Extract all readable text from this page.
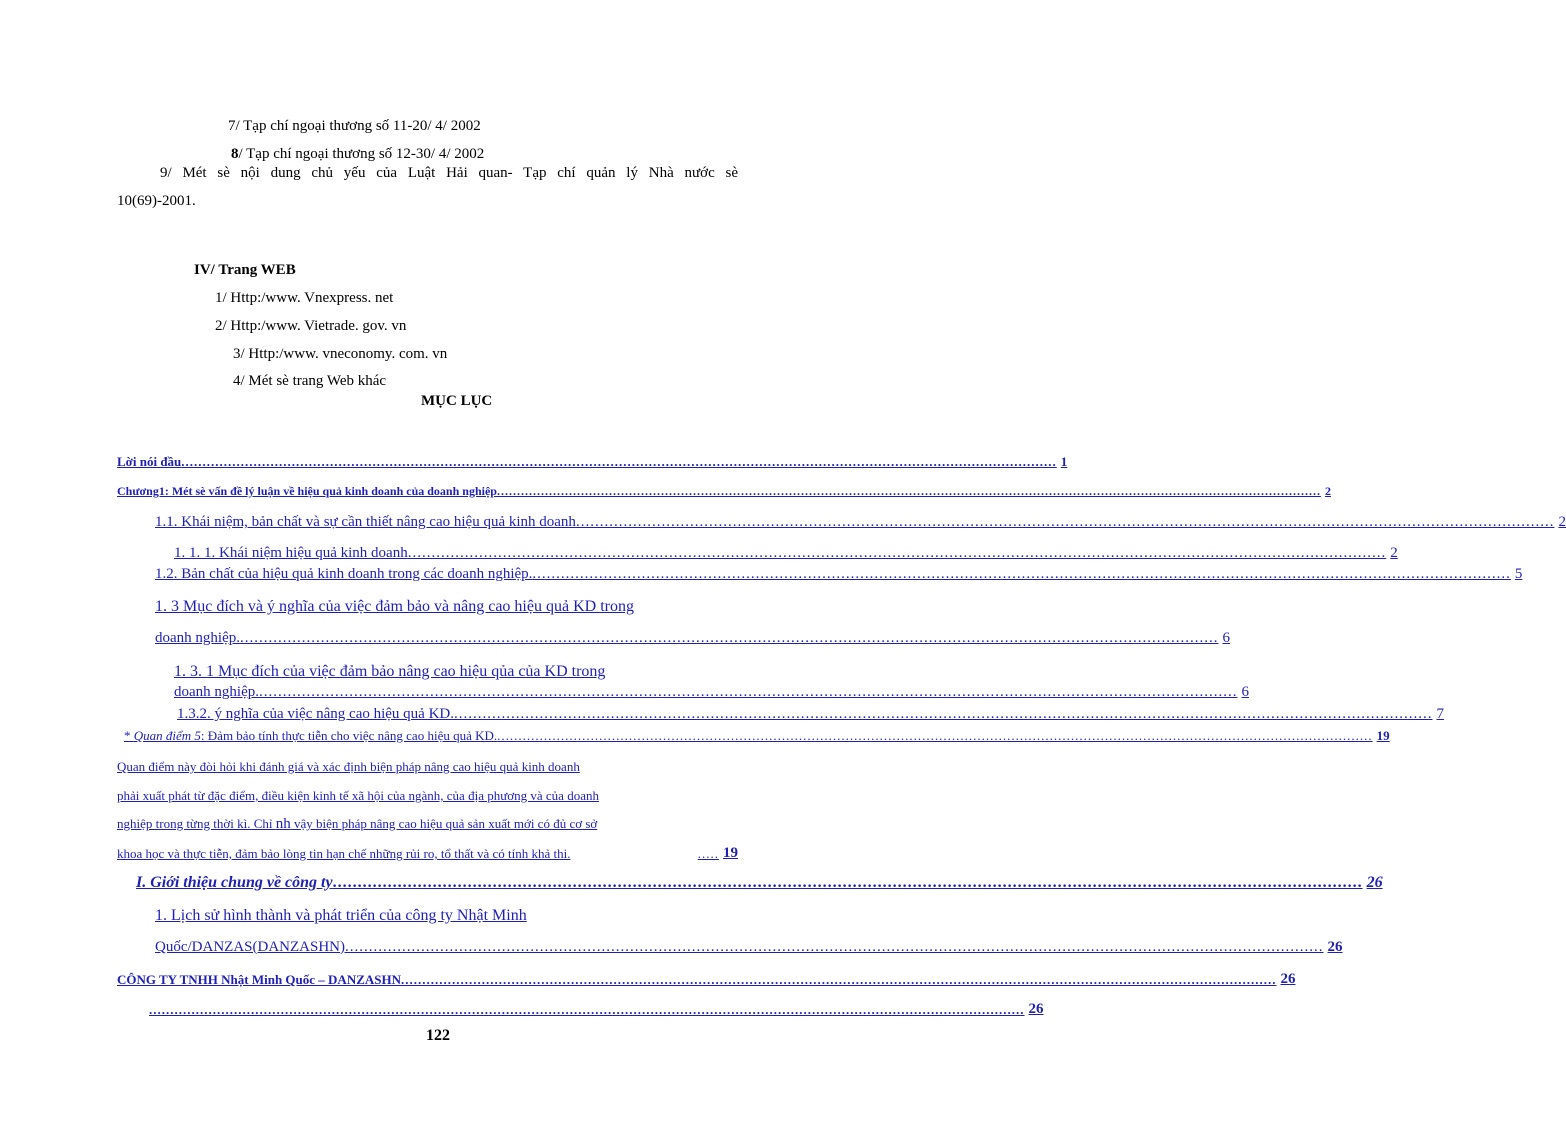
7/ Tạp chí ngoại thương số 11-20/ 4/ 2002
8/ Tạp chí ngoại thương số 12-30/ 4/ 2002
9/ Mét sè nội dung chủ yếu của Luật Hải quan- Tạp chí quản lý Nhà nước sè
10(69)-2001.
IV/ Trang WEB
1/ Http:/www. Vnexpress. net
2/ Http:/www. Vietrade. gov. vn
3/ Http:/www. vneconomy. com. vn
4/ Mét sè trang Web khác
MỤC LỤC
Lời nói đầu .............................................................................................................................................................................................................. 1
Chương1: Mét sè vấn đề lý luận về hiệu quả kinh doanh của doanh nghiệp .............................................................................................................................................................................................................. 2
1.1. Khái niệm, bản chất và sự cần thiết nâng cao hiệu quả kinh doanh .............................................................................................................................................................................................................. 2
1. 1. 1. Khái niệm hiệu quả kinh doanh .............................................................................................................................................................................................................. 2
1.2. Bản chất của hiệu quả kinh doanh trong các doanh nghiệp. .............................................................................................................................................................................................................. 5
1. 3 Mục đích và ý nghĩa của việc đảm bảo và nâng cao hiệu quả KD trong
doanh nghiệp. .............................................................................................................................................................................................................. 6
1. 3. 1 Mục đích của việc đảm bảo nâng cao hiệu qủa của KD trong
doanh nghiệp. .............................................................................................................................................................................................................. 6
1.3.2. ý nghĩa của việc nâng cao hiệu quả KD. .............................................................................................................................................................................................................. 7
* Quan điểm 5: Đảm bảo tính thực tiễn cho việc nâng cao hiệu quả KD. .............................................................................................................................................................................................................. 19
Quan điểm này đòi hỏi khi đánh giá và xác định biện pháp nâng cao hiệu quả kinh doanh
phải xuất phát từ đặc điểm, điều kiện kinh tế xã hội của ngành, của địa phương và của doanh
nghiệp trong từng thời kì. Chỉ nh vậy biện pháp nâng cao hiệu quả sản xuất mới có đủ cơ sở
khoa học và thực tiễn, đảm bảo lòng tin hạn chế những rủi ro, tổ thất và có tính khả thi.	..... 19
I. Giới thiệu chung về công ty .............................................................................................................................................................................................................. 26
1. Lịch sử hình thành và phát triển của công ty Nhật Minh
Quốc/DANZAS(DANZASHN) .............................................................................................................................................................................................................. 26
CÔNG TY TNHH Nhật Minh Quốc – DANZASHN .............................................................................................................................................................................................................. 26
.............................................................................................................................................................................................................. 26
122
